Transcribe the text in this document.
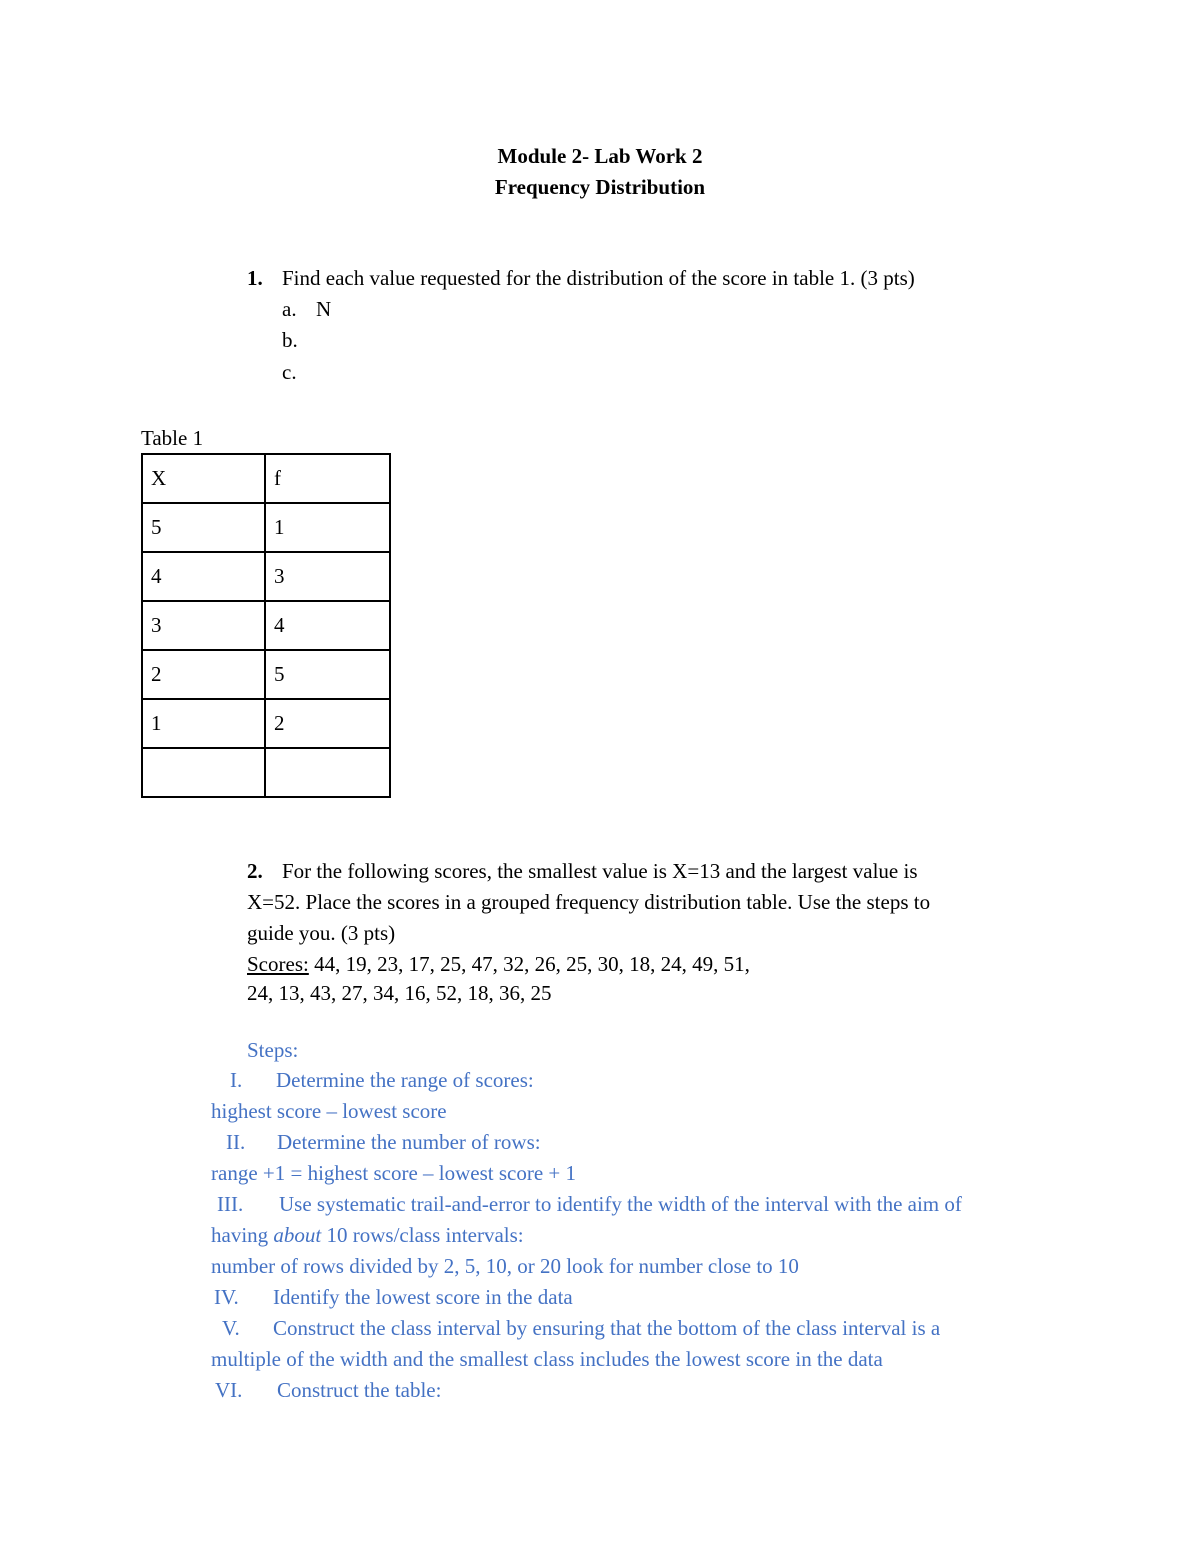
Module 2- Lab Work 2
Frequency Distribution
1. Find each value requested for the distribution of the score in table 1. (3 pts)
a. N
b.
c.
Table 1
X	f
5	1
4	3
3	4
2	5
1	2

2. For the following scores, the smallest value is X=13 and the largest value is
X=52. Place the scores in a grouped frequency distribution table. Use the steps to
guide you. (3 pts)
Scores: 44, 19, 23, 17, 25, 47, 32, 26, 25, 30, 18, 24, 49, 51,
24, 13, 43, 27, 34, 16, 52, 18, 36, 25
Steps:
I. Determine the range of scores:
highest score – lowest score
II. Determine the number of rows:
range +1 = highest score – lowest score + 1
III. Use systematic trail-and-error to identify the width of the interval with the aim of
having about 10 rows/class intervals:
number of rows divided by 2, 5, 10, or 20 look for number close to 10
IV. Identify the lowest score in the data
V. Construct the class interval by ensuring that the bottom of the class interval is a
multiple of the width and the smallest class includes the lowest score in the data
VI. Construct the table:
